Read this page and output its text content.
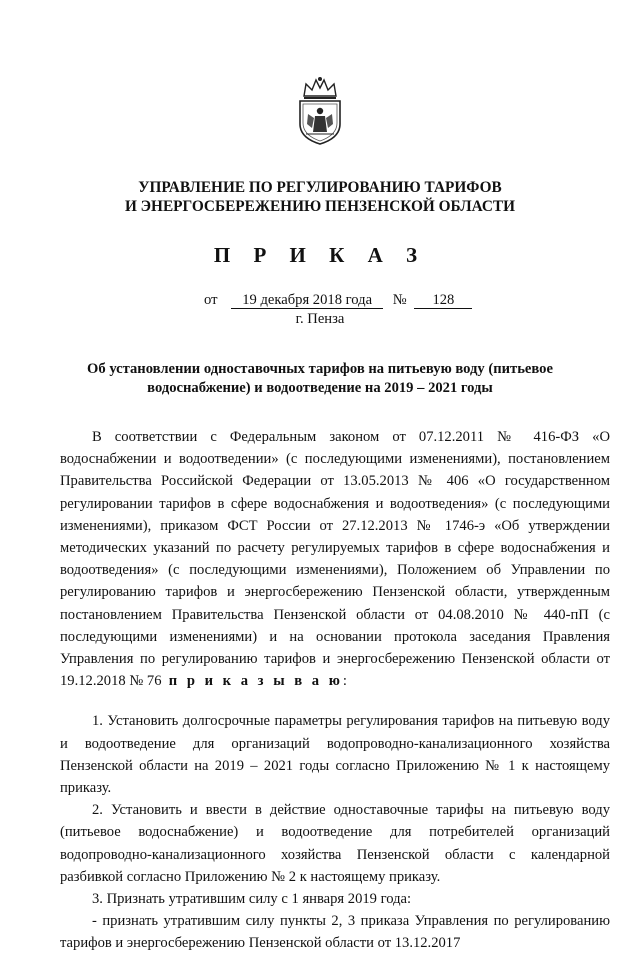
УПРАВЛЕНИЕ ПО РЕГУЛИРОВАНИЮ ТАРИФОВ
И ЭНЕРГОСБЕРЕЖЕНИЮ ПЕНЗЕНСКОЙ ОБЛАСТИ
П Р И К А З
от 19 декабря 2018 года № 128
г. Пенза
Об установлении одноставочных тарифов на питьевую воду (питьевое водоснабжение) и водоотведение на 2019 – 2021 годы

В соответствии с Федеральным законом от 07.12.2011 № 416-ФЗ «О водоснабжении и водоотведении» (с последующими изменениями), постановлением Правительства Российской Федерации от 13.05.2013 № 406 «О государственном регулировании тарифов в сфере водоснабжения и водоотведения» (с последующими изменениями), приказом ФСТ России от 27.12.2013 № 1746-э «Об утверждении методических указаний по расчету регулируемых тарифов в сфере водоснабжения и водоотведения» (с последующими изменениями), Положением об Управлении по регулированию тарифов и энергосбережению Пензенской области, утвержденным постановлением Правительства Пензенской области от 04.08.2010 № 440-пП (с последующими изменениями) и на основании протокола заседания Правления Управления по регулированию тарифов и энергосбережению Пензенской области от 19.12.2018 № 76 п р и к а з ы в а ю:

1. Установить долгосрочные параметры регулирования тарифов на питьевую воду и водоотведение для организаций водопроводно-канализационного хозяйства Пензенской области на 2019 – 2021 годы согласно Приложению № 1 к настоящему приказу.

2. Установить и ввести в действие одноставочные тарифы на питьевую воду (питьевое водоснабжение) и водоотведение для потребителей организаций водопроводно-канализационного хозяйства Пензенской области с календарной разбивкой согласно Приложению № 2 к настоящему приказу.

3. Признать утратившим силу с 1 января 2019 года:

- признать утратившим силу пункты 2, 3 приказа Управления по регулированию тарифов и энергосбережению Пензенской области от 13.12.2017
